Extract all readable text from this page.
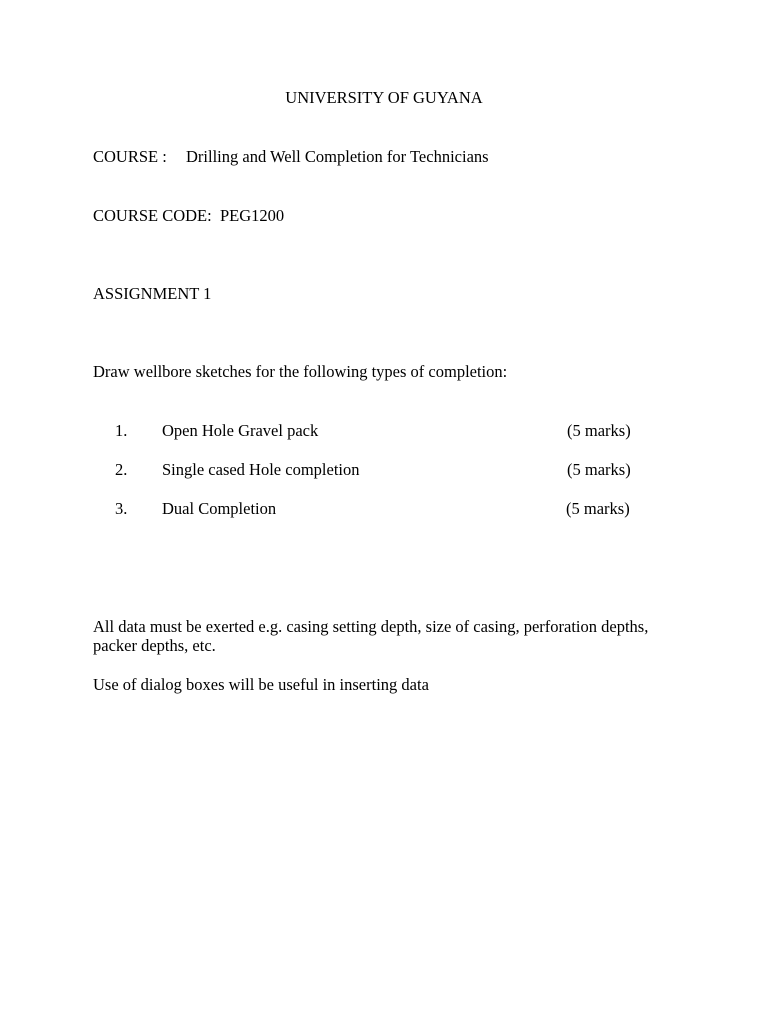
UNIVERSITY OF GUYANA
COURSE : Drilling and Well Completion for Technicians
COURSE CODE: PEG1200
ASSIGNMENT 1
Draw wellbore sketches for the following types of completion:
1. Open Hole Gravel pack	(5 marks)
2. Single cased Hole completion	(5 marks)
3. Dual Completion	(5 marks)
All data must be exerted e.g. casing setting depth, size of casing, perforation depths, packer depths, etc.
Use of dialog boxes will be useful in inserting data
